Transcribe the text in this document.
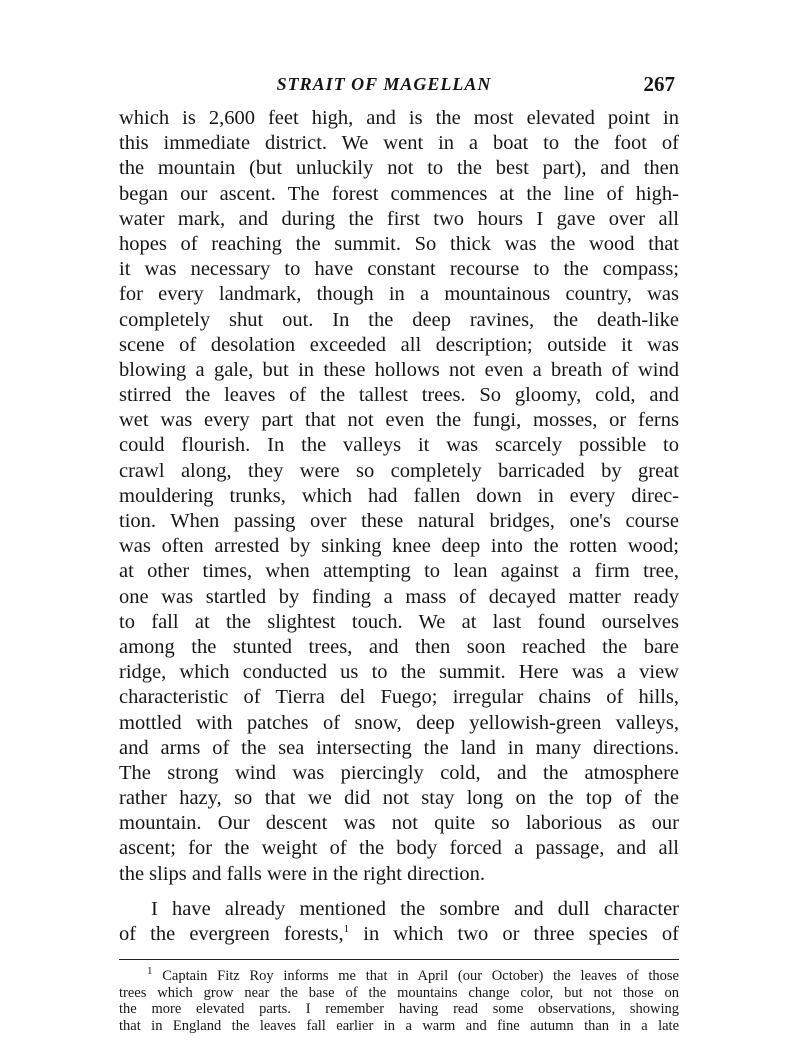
STRAIT OF MAGELLAN	267
which is 2,600 feet high, and is the most elevated point in
this immediate district. We went in a boat to the foot of
the mountain (but unluckily not to the best part), and then
began our ascent. The forest commences at the line of high-
water mark, and during the first two hours I gave over all
hopes of reaching the summit. So thick was the wood that
it was necessary to have constant recourse to the compass;
for every landmark, though in a mountainous country, was
completely shut out. In the deep ravines, the death-like
scene of desolation exceeded all description; outside it was
blowing a gale, but in these hollows not even a breath of wind
stirred the leaves of the tallest trees. So gloomy, cold, and
wet was every part that not even the fungi, mosses, or ferns
could flourish. In the valleys it was scarcely possible to
crawl along, they were so completely barricaded by great
mouldering trunks, which had fallen down in every direc-
tion. When passing over these natural bridges, one's course
was often arrested by sinking knee deep into the rotten wood;
at other times, when attempting to lean against a firm tree,
one was startled by finding a mass of decayed matter ready
to fall at the slightest touch. We at last found ourselves
among the stunted trees, and then soon reached the bare
ridge, which conducted us to the summit. Here was a view
characteristic of Tierra del Fuego; irregular chains of hills,
mottled with patches of snow, deep yellowish-green valleys,
and arms of the sea intersecting the land in many directions.
The strong wind was piercingly cold, and the atmosphere
rather hazy, so that we did not stay long on the top of the
mountain. Our descent was not quite so laborious as our
ascent; for the weight of the body forced a passage, and all
the slips and falls were in the right direction.
I have already mentioned the sombre and dull character
of the evergreen forests,$^1$ in which two or three species of
$^1$ Captain Fitz Roy informs me that in April (our October) the leaves of those
trees which grow near the base of the mountains change color, but not those on
the more elevated parts. I remember having read some observations, showing
that in England the leaves fall earlier in a warm and fine autumn than in a late
